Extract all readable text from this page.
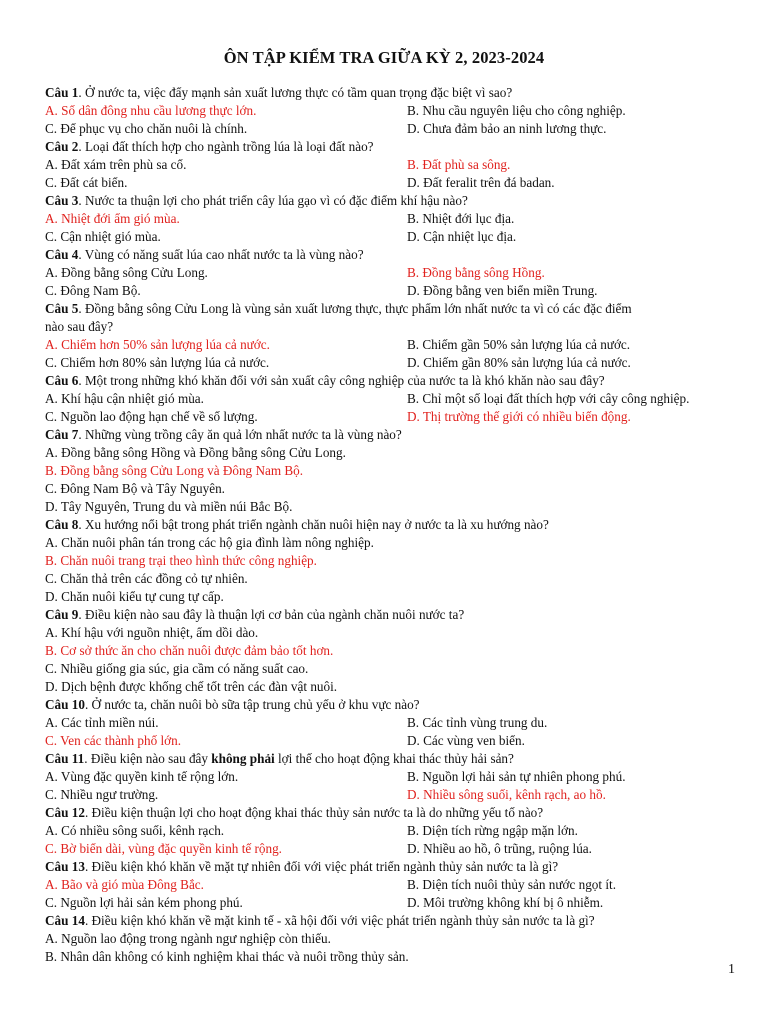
ÔN TẬP KIỂM TRA GIỮA KỲ 2, 2023-2024
Câu 1. Ở nước ta, việc đẩy mạnh sản xuất lương thực có tầm quan trọng đặc biệt vì sao?
A. Số dân đông nhu cầu lương thực lớn.	B. Nhu cầu nguyên liệu cho công nghiệp.
C. Để phục vụ cho chăn nuôi là chính.	D. Chưa đảm bảo an ninh lương thực.
Câu 2. Loại đất thích hợp cho ngành trồng lúa là loại đất nào?
A. Đất xám trên phù sa cổ.	B. Đất phù sa sông.
C. Đất cát biển.	D. Đất feralit trên đá badan.
Câu 3. Nước ta thuận lợi cho phát triển cây lúa gạo vì có đặc điểm khí hậu nào?
A. Nhiệt đới ẩm gió mùa.	B. Nhiệt đới lục địa.
C. Cận nhiệt gió mùa.	D. Cận nhiệt lục địa.
Câu 4. Vùng có năng suất lúa cao nhất nước ta là vùng nào?
A. Đồng bằng sông Cửu Long.	B. Đồng bằng sông Hồng.
C. Đông Nam Bộ.	D. Đồng bằng ven biển miền Trung.
Câu 5. Đồng bằng sông Cửu Long là vùng sản xuất lương thực, thực phẩm lớn nhất nước ta vì có các đặc điểm
nào sau đây?
A. Chiếm hơn 50% sản lượng lúa cả nước.	B. Chiếm gần 50% sản lượng lúa cả nước.
C. Chiếm hơn 80% sản lượng lúa cả nước.	D. Chiếm gần 80% sản lượng lúa cả nước.
Câu 6. Một trong những khó khăn đối với sản xuất cây công nghiệp của nước ta là khó khăn nào sau đây?
A. Khí hậu cận nhiệt gió mùa.	B. Chỉ một số loại đất thích hợp với cây công nghiệp.
C. Nguồn lao động hạn chế về số lượng.	D. Thị trường thế giới có nhiều biến động.
Câu 7. Những vùng trồng cây ăn quả lớn nhất nước ta là vùng nào?
A. Đồng bằng sông Hồng và Đồng bằng sông Cửu Long.
B. Đồng bằng sông Cửu Long và Đông Nam Bộ.
C. Đông Nam Bộ và Tây Nguyên.
D. Tây Nguyên, Trung du và miền núi Bắc Bộ.
Câu 8. Xu hướng nổi bật trong phát triển ngành chăn nuôi hiện nay ở nước ta là xu hướng nào?
A. Chăn nuôi phân tán trong các hộ gia đình làm nông nghiệp.
B. Chăn nuôi trang trại theo hình thức công nghiệp.
C. Chăn thả trên các đồng cỏ tự nhiên.
D. Chăn nuôi kiểu tự cung tự cấp.
Câu 9. Điều kiện nào sau đây là thuận lợi cơ bản của ngành chăn nuôi nước ta?
A. Khí hậu với nguồn nhiệt, ẩm dồi dào.
B. Cơ sở thức ăn cho chăn nuôi được đảm bảo tốt hơn.
C. Nhiều giống gia súc, gia cầm có năng suất cao.
D. Dịch bệnh được khống chế tốt trên các đàn vật nuôi.
Câu 10. Ở nước ta, chăn nuôi bò sữa tập trung chủ yếu ở khu vực nào?
A. Các tỉnh miền núi.	B. Các tỉnh vùng trung du.
C. Ven các thành phố lớn.	D. Các vùng ven biển.
Câu 11. Điều kiện nào sau đây không phải lợi thế cho hoạt động khai thác thủy hải sản?
A. Vùng đặc quyền kinh tế rộng lớn.	B. Nguồn lợi hải sản tự nhiên phong phú.
C. Nhiều ngư trường.	D. Nhiều sông suối, kênh rạch, ao hồ.
Câu 12. Điều kiện thuận lợi cho hoạt động khai thác thủy sản nước ta là do những yếu tố nào?
A. Có nhiều sông suối, kênh rạch.	B. Diện tích rừng ngập mặn lớn.
C. Bờ biển dài, vùng đặc quyền kinh tế rộng.	D. Nhiều ao hồ, ô trũng, ruộng lúa.
Câu 13. Điều kiện khó khăn về mặt tự nhiên đối với việc phát triển ngành thủy sản nước ta là gì?
A. Bão và gió mùa Đông Bắc.	B. Diện tích nuôi thủy sản nước ngọt ít.
C. Nguồn lợi hải sản kém phong phú.	D. Môi trường không khí bị ô nhiễm.
Câu 14. Điều kiện khó khăn về mặt kinh tế - xã hội đối với việc phát triển ngành thủy sản nước ta là gì?
A. Nguồn lao động trong ngành ngư nghiệp còn thiếu.
B. Nhân dân không có kinh nghiệm khai thác và nuôi trồng thủy sản.
1
